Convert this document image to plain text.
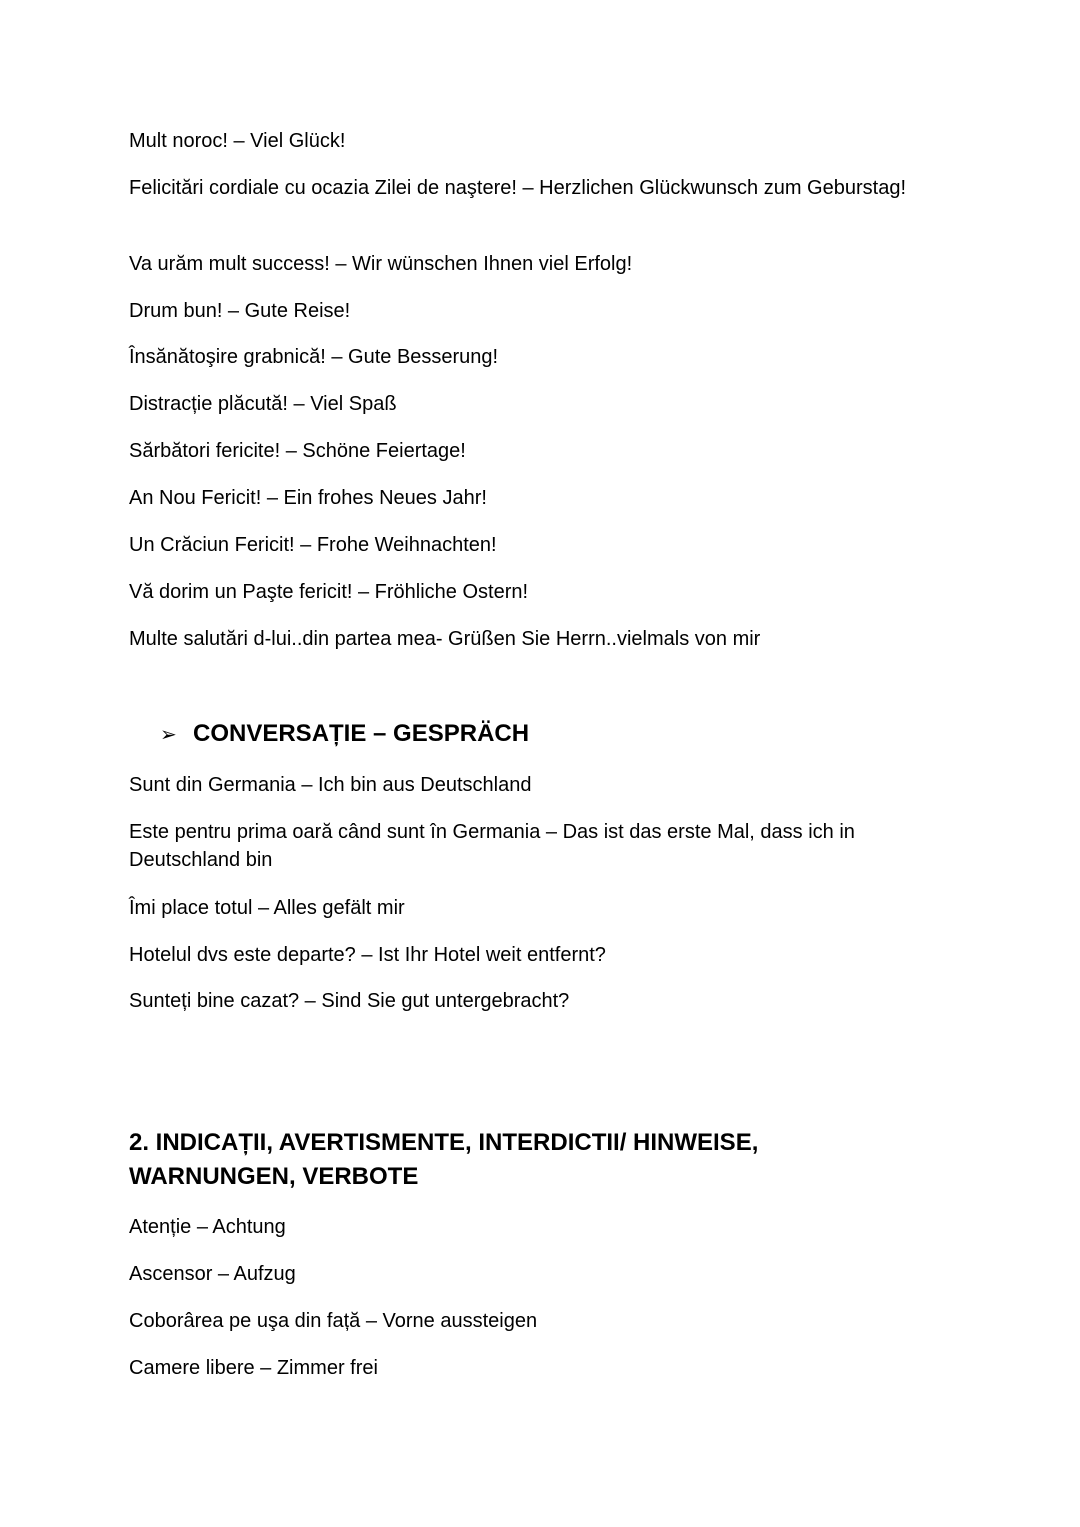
Mult noroc! – Viel Glück!

Felicitări cordiale cu ocazia Zilei de naştere! – Herzlichen Glückwunsch zum Geburstag!

Va urăm mult success! – Wir wünschen Ihnen viel Erfolg!

Drum bun! – Gute Reise!

Însănătoşire grabnică! – Gute Besserung!

Distracție plăcută! – Viel Spaß

Sărbători fericite! – Schöne Feiertage!

An Nou Fericit! – Ein frohes Neues Jahr!

Un Crăciun Fericit! – Frohe Weihnachten!

Vă dorim un Paşte fericit! – Fröhliche Ostern!

Multe salutări d-lui..din partea mea- Grüßen Sie Herrn..vielmals von mir

➢ CONVERSAȚIE – GESPRÄCH

Sunt din Germania – Ich bin aus Deutschland

Este pentru prima oară când sunt în Germania – Das ist das erste Mal, dass ich in Deutschland bin

Îmi place totul – Alles gefält mir

Hotelul dvs este departe? – Ist Ihr Hotel weit entfernt?

Sunteți bine cazat? – Sind Sie gut untergebracht?

2. INDICAȚII, AVERTISMENTE, INTERDICTII/ HINWEISE, WARNUNGEN, VERBOTE

Atenție – Achtung

Ascensor – Aufzug

Coborârea pe uşa din față – Vorne aussteigen

Camere libere – Zimmer frei
